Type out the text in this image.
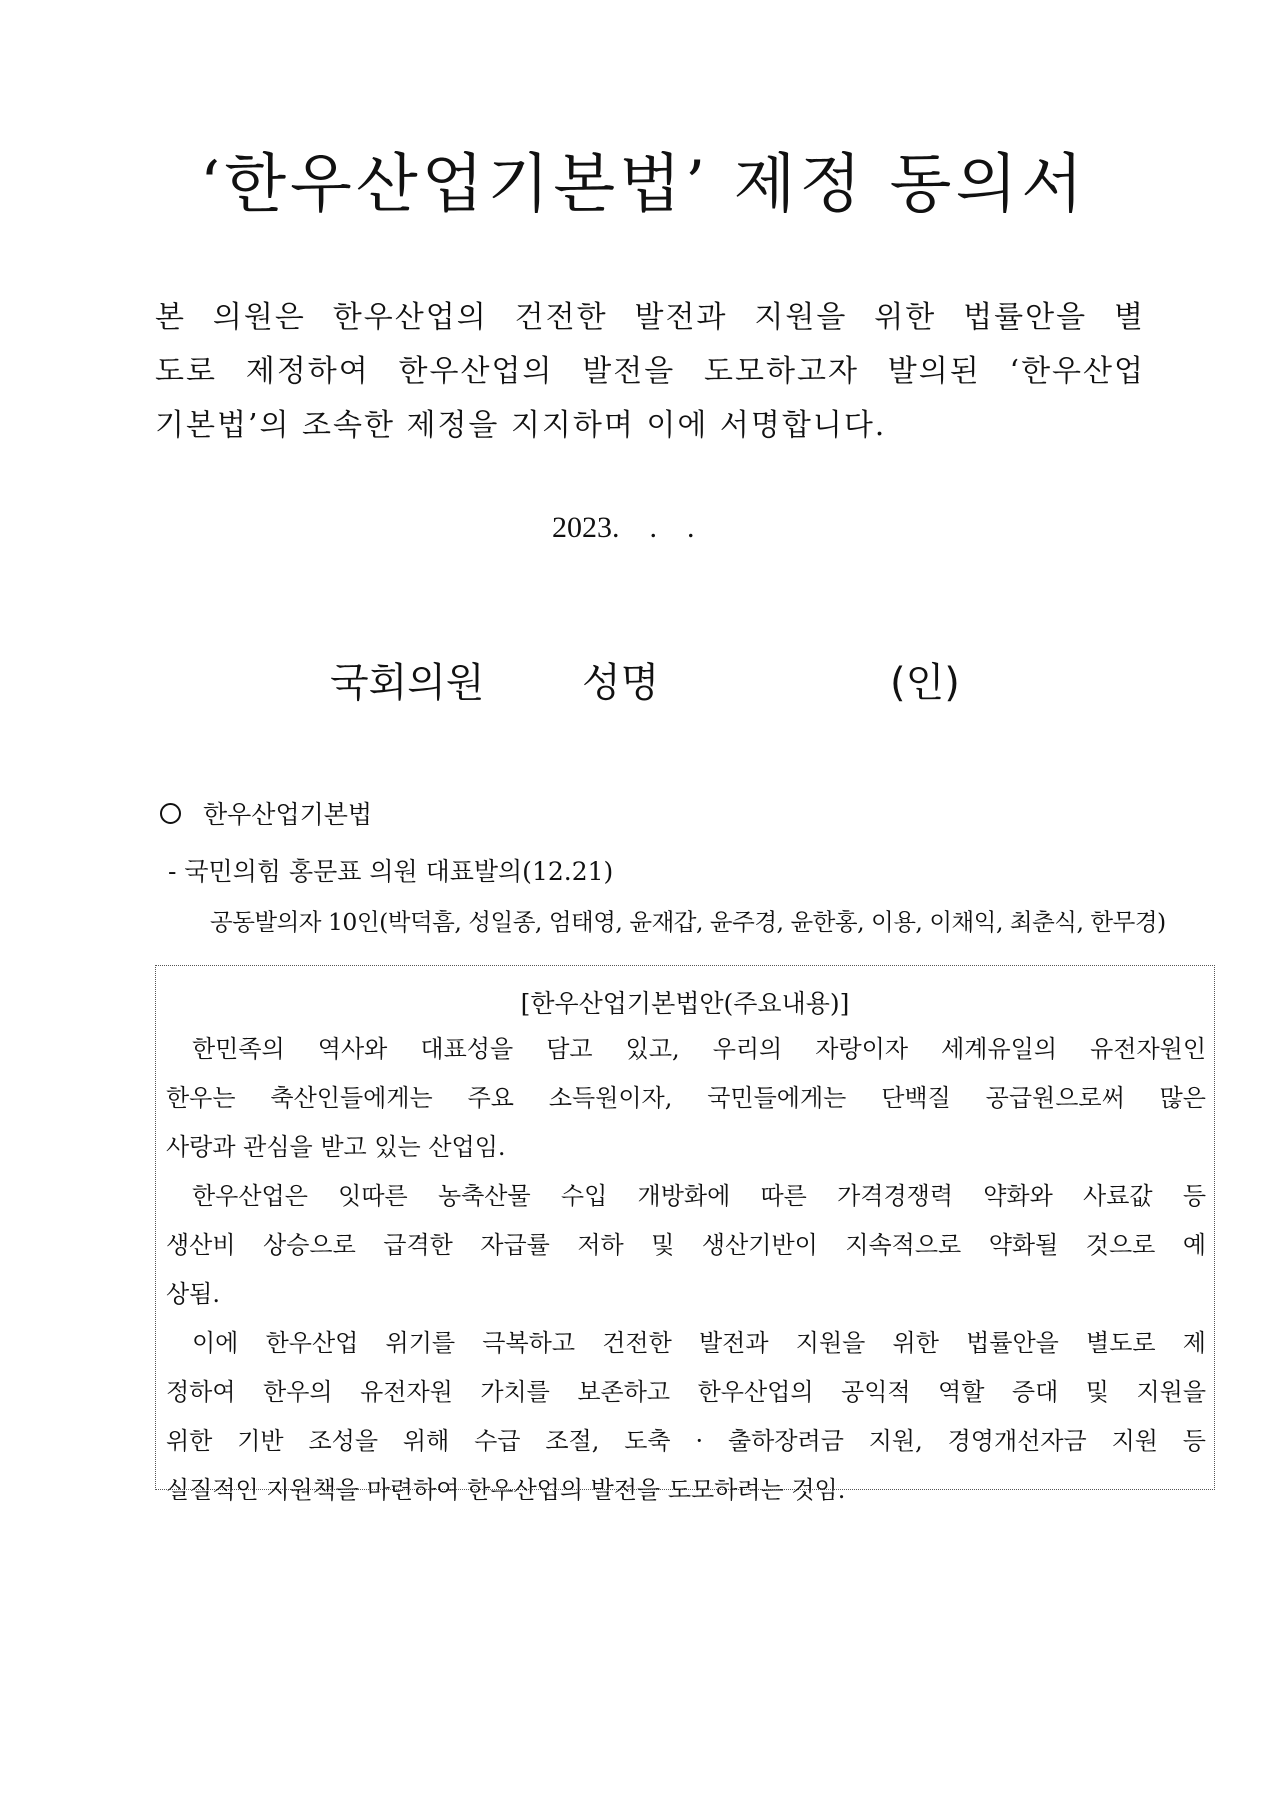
‘한우산업기본법’ 제정 동의서
본 의원은 한우산업의 건전한 발전과 지원을 위한 법률안을 별
도로 제정하여 한우산업의 발전을 도모하고자 발의된 ‘한우산업
기본법’의 조속한 제정을 지지하며 이에 서명합니다.
2023.    .    .
국회의원 성명	(인)
한우산업기본법
- 국민의힘 홍문표 의원 대표발의(12.21)
공동발의자 10인(박덕흠, 성일종, 엄태영, 윤재갑, 윤주경, 윤한홍, 이용, 이채익, 최춘식, 한무경)
[한우산업기본법안(주요내용)]
한민족의 역사와 대표성을 담고 있고, 우리의 자랑이자 세계유일의 유전자원인
한우는 축산인들에게는 주요 소득원이자, 국민들에게는 단백질 공급원으로써 많은
사랑과 관심을 받고 있는 산업임.
한우산업은 잇따른 농축산물 수입 개방화에 따른 가격경쟁력 약화와 사료값 등
생산비 상승으로 급격한 자급률 저하 및 생산기반이 지속적으로 약화될 것으로 예
상됨.
이에 한우산업 위기를 극복하고 건전한 발전과 지원을 위한 법률안을 별도로 제
정하여 한우의 유전자원 가치를 보존하고 한우산업의 공익적 역할 증대 및 지원을
위한 기반 조성을 위해 수급 조절, 도축 · 출하장려금 지원, 경영개선자금 지원 등
실질적인 지원책을 마련하여 한우산업의 발전을 도모하려는 것임.
